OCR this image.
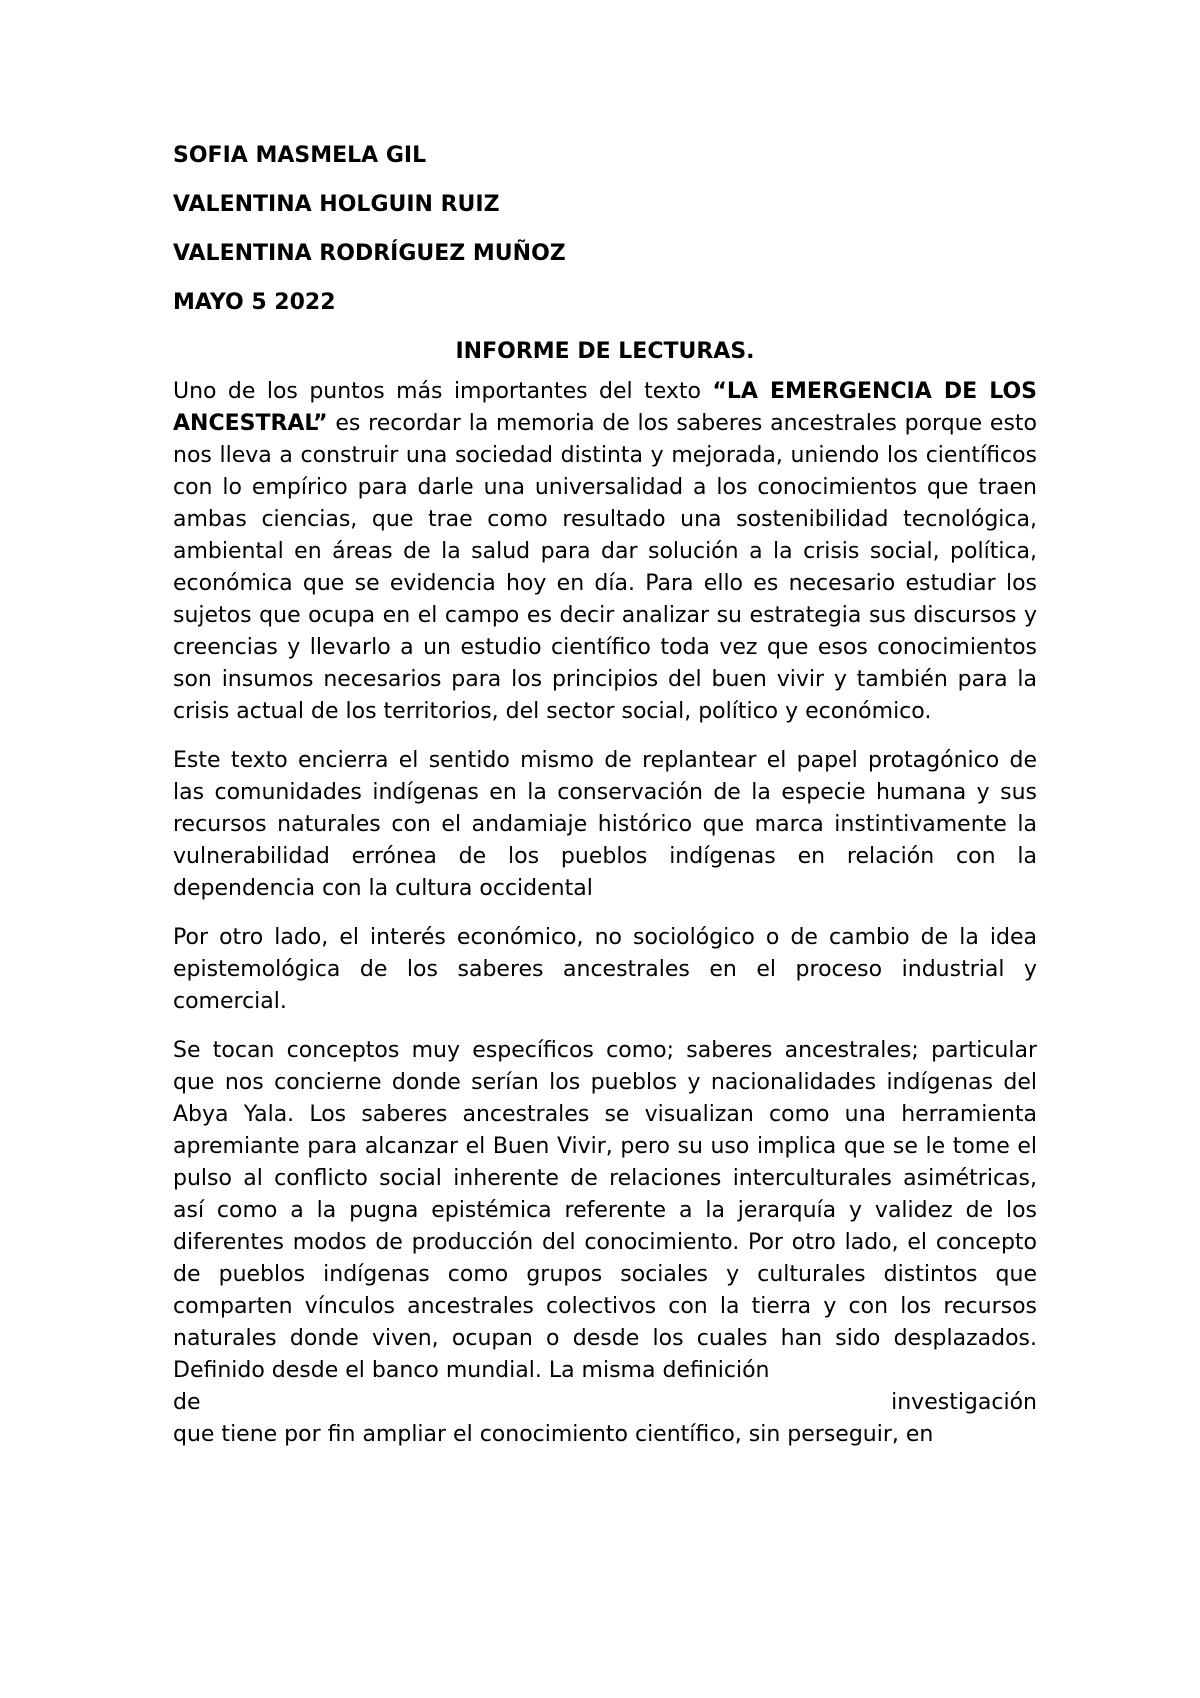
SOFIA MASMELA GIL
VALENTINA HOLGUIN RUIZ
VALENTINA RODRÍGUEZ MUÑOZ
MAYO 5 2022
INFORME DE LECTURAS.

Uno de los puntos más importantes del texto “LA EMERGENCIA DE LOS ANCESTRAL” es recordar la memoria de los saberes ancestrales porque esto nos lleva a construir una sociedad distinta y mejorada, uniendo los científicos con lo empírico para darle una universalidad a los conocimientos que traen ambas ciencias, que trae como resultado una sostenibilidad tecnológica, ambiental en áreas de la salud para dar solución a la crisis social, política, económica que se evidencia hoy en día. Para ello es necesario estudiar los sujetos que ocupa en el campo es decir analizar su estrategia sus discursos y creencias y llevarlo a un estudio científico toda vez que esos conocimientos son insumos necesarios para los principios del buen vivir y también para la crisis actual de los territorios, del sector social, político y económico.

Este texto encierra el sentido mismo de replantear el papel protagónico de las comunidades indígenas en la conservación de la especie humana y sus recursos naturales con el andamiaje histórico que marca instintivamente la vulnerabilidad errónea de los pueblos indígenas en relación con la dependencia con la cultura occidental

Por otro lado, el interés económico, no sociológico o de cambio de la idea epistemológica de los saberes ancestrales en el proceso industrial y comercial.

Se tocan conceptos muy específicos como; saberes ancestrales; particular que nos concierne donde serían los pueblos y nacionalidades indígenas del Abya Yala. Los saberes ancestrales se visualizan como una herramienta apremiante para alcanzar el Buen Vivir, pero su uso implica que se le tome el pulso al conflicto social inherente de relaciones interculturales asimétricas, así como a la pugna epistémica referente a la jerarquía y validez de los diferentes modos de producción del conocimiento. Por otro lado, el concepto de pueblos indígenas como grupos sociales y culturales distintos que comparten vínculos ancestrales colectivos con la tierra y con los recursos naturales donde viven, ocupan o desde los cuales han sido desplazados. Definido desde el banco mundial. La misma definición
de	investigación
que tiene por fin ampliar el conocimiento científico, sin perseguir, en
